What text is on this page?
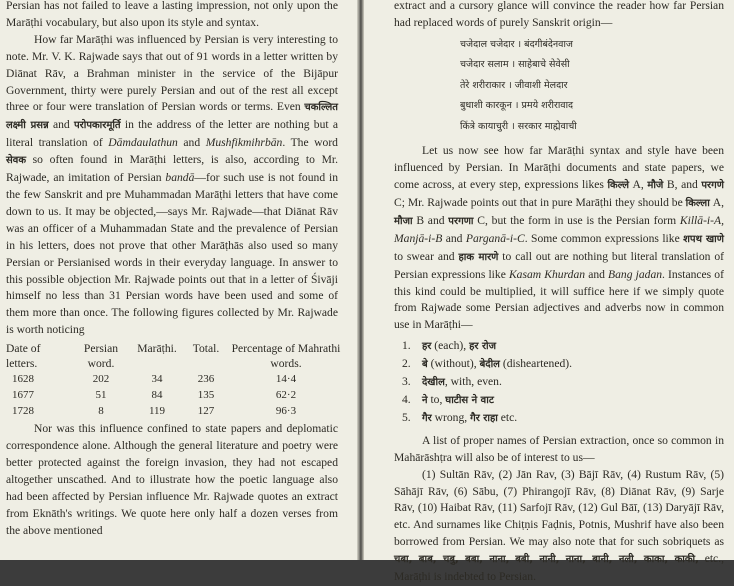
Persian has not failed to leave a lasting impression, not only upon the Marāṭhi vocabulary, but also upon its style and syntax.

How far Marāṭhi was influenced by Persian is very interesting to note. Mr. V. K. Rajwade says that out of 91 words in a letter written by Diānat Rāv, a Brahman minister in the service of the Bijāpur Government, thirty were purely Persian and out of the rest all except three or four were translation of Persian words or terms. Even चकल्लित लक्ष्मी प्रसन्न and परोपकारमूर्ति in the address of the letter are nothing but a literal translation of Dāmdaulathun and Mushfikmihrbān. The word सेवक so often found in Marāṭhi letters, is also, according to Mr. Rajwade, an imitation of Persian bandā—for such use is not found in the few Sanskrit and pre Muhammadan Marāṭhi letters that have come down to us. It may be objected,—says Mr. Rajwade—that Diānat Rāv was an officer of a Muhammadan State and the prevalence of Persian in his letters, does not prove that other Marāṭhās also used so many Persian or Persianised words in their everyday language. In answer to this possible objection Mr. Rajwade points out that in a letter of Śivāji himself no less than 31 Persian words have been used and some of them more than once. The following figures collected by Mr. Rajwade is worth noticing

Date of letters.	Persian word.	Marāṭhi.	Total.	Percentage of Mahrathi words.
1628	202	34	236	14·4
1677	51	84	135	62·2
1728	8	119	127	96·3

Nor was this influence confined to state papers and deplomatic correspondence alone. Although the general literature and poetry were better protected against the foreign invasion, they had not escaped altogether unscathed. And to illustrate how the poetic language also had been affected by Persian influence Mr. Rajwade quotes an extract from Eknāth's writings. We quote here only half a dozen verses from the above mentioned

extract and a cursory glance will convince the reader how far Persian had replaced words of purely Sanskrit origin—

चजेदाल चजेदार । बंदगीबंदेनवाज
चजेदार सलाम । साहेबाचे सेवेसी
तेरे शरीराकार । जीवाशी मेलदार
बुधाशी कारकून । प्रमये शरीरावाद
किंत्रे कायाचुरी । सरकार माह्मेवाची

Let us now see how far Marāṭhi syntax and style have been influenced by Persian. In Marāṭhi documents and state papers, we come across, at every step, expressions likes किल्ले A, मौजे B, and परगणे C; Mr. Rajwade points out that in pure Marāṭhi they should be किल्ला A, मौजा B and परगणा C, but the form in use is the Persian form Killā-i-A, Manjā-i-B and Parganā-i-C. Some common expressions like शपथ खाणे to swear and हाक मारणे to call out are nothing but literal translation of Persian expressions like Kasam Khurdan and Bang jadan. Instances of this kind could be multiplied, it will suffice here if we simply quote from Rajwade some Persian adjectives and adverbs now in common use in Marāṭhi—

1. हर (each), हर रोज
2. बे (without), बेदील (disheartened).
3. देखील, with, even.
4. ने to, घाटीस ने वाट
5. गैर wrong, गैर राहा etc.

A list of proper names of Persian extraction, once so common in Mahārāshṭra will also be of interest to us—

(1) Sultān Rāv, (2) Jān Rav, (3) Bājī Rāv, (4) Rustum Rāv, (5) Sāhājī Rāv, (6) Sābu, (7) Phirangojī Rāv, (8) Diānat Rāv, (9) Sarje Rāv, (10) Haibat Rāv, (11) Sarfojī Rāv, (12) Gul Bāī, (13) Daryājī Rāv, etc. And surnames like Chiṭṇis Faḍnis, Potnis, Mushrif have also been borrowed from Persian. We may also note that for such sobriquets as चबा, बाब, चबु, बबा, नाना, बबी, नानी, नाना, बानी, नली, काका, काकी, etc., Marāṭhi is indebted to Persian.
